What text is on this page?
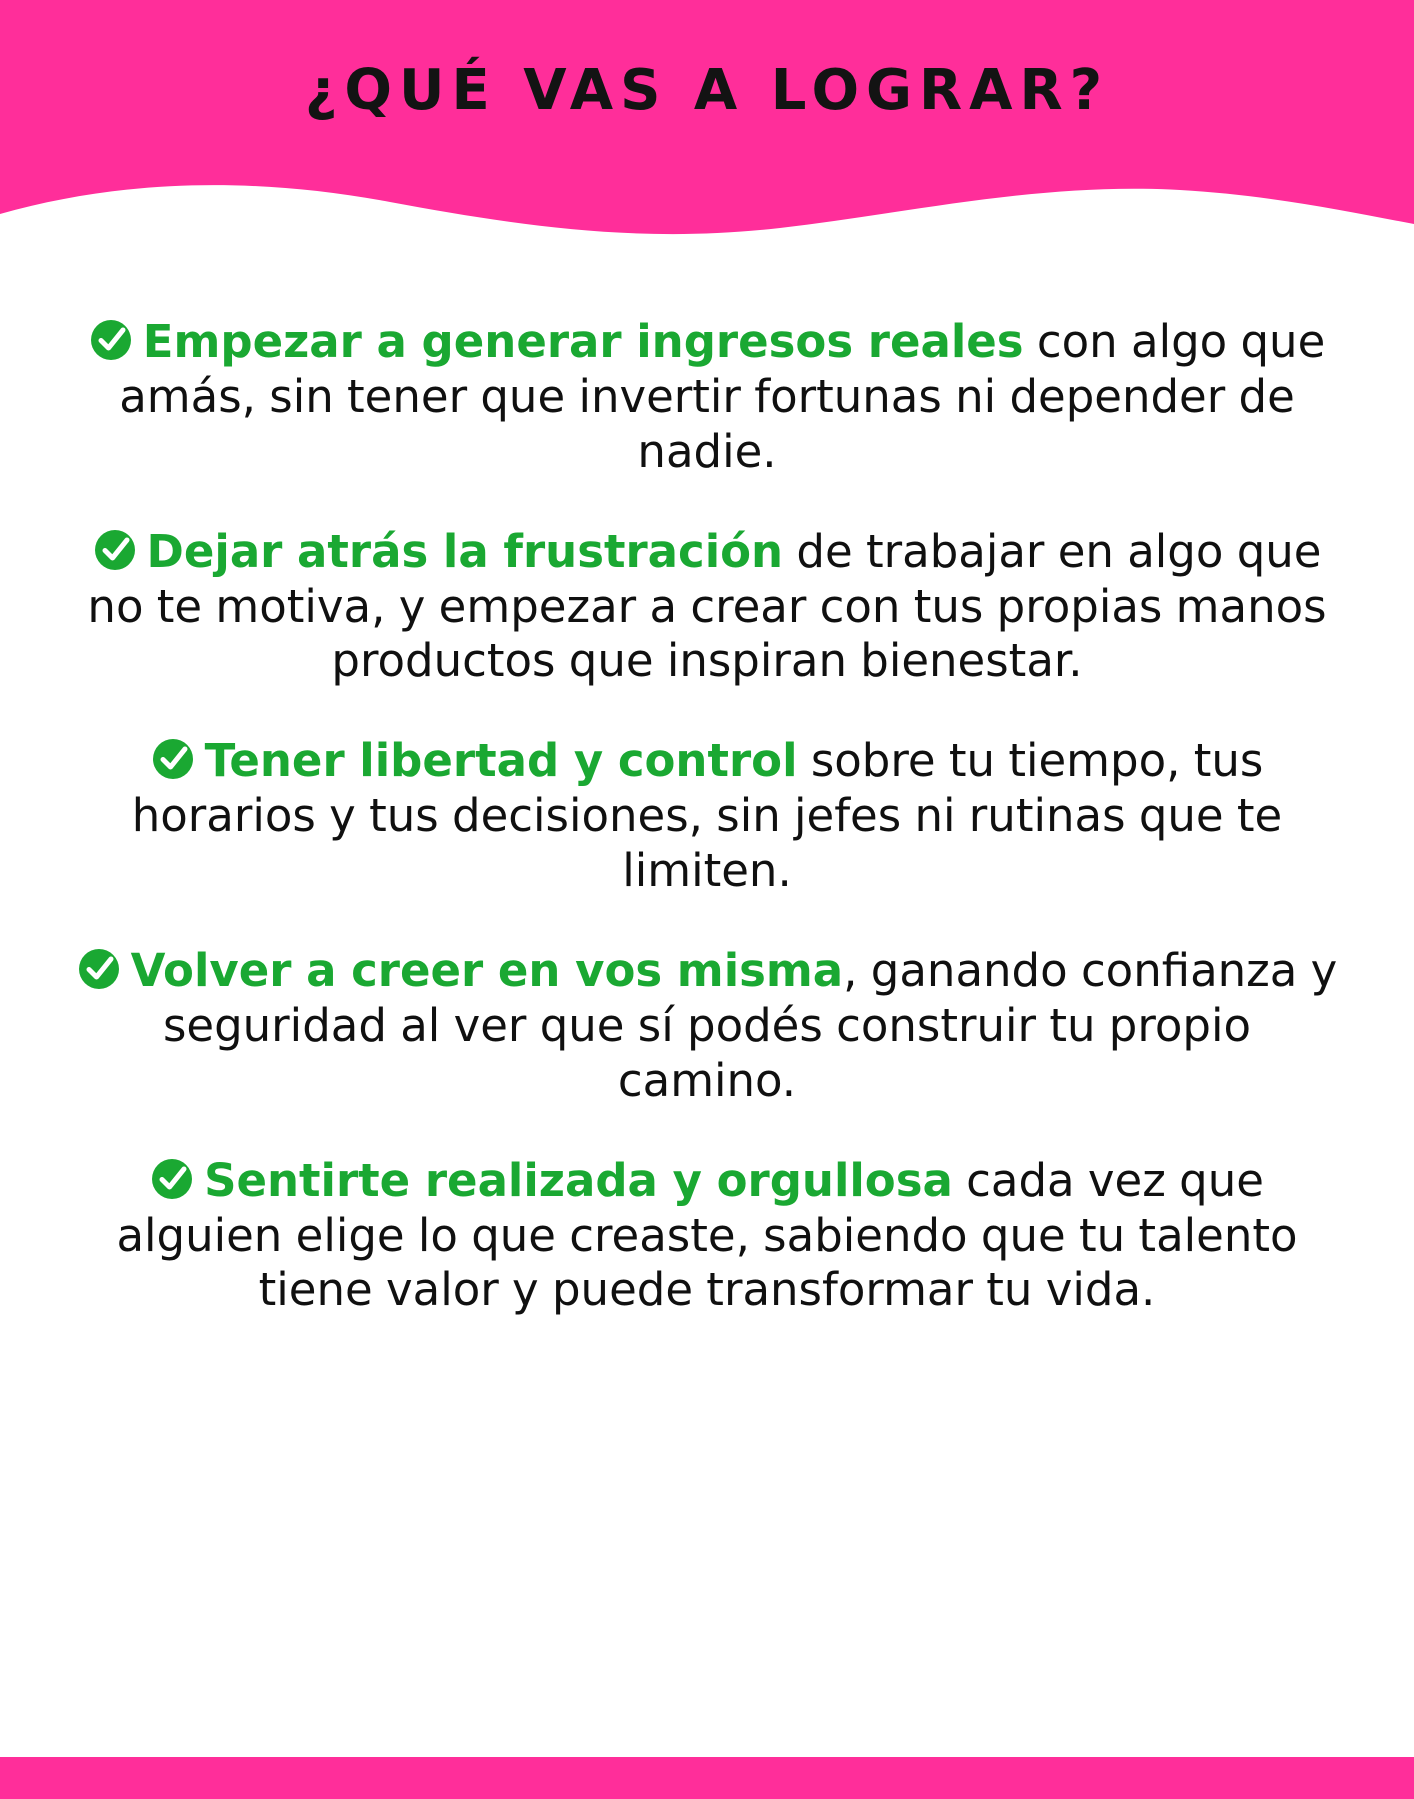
¿QUÉ VAS A LOGRAR?

Empezar a generar ingresos reales con algo que amás, sin tener que invertir fortunas ni depender de nadie.

Dejar atrás la frustración de trabajar en algo que no te motiva, y empezar a crear con tus propias manos productos que inspiran bienestar.

Tener libertad y control sobre tu tiempo, tus horarios y tus decisiones, sin jefes ni rutinas que te limiten.

Volver a creer en vos misma, ganando confianza y seguridad al ver que sí podés construir tu propio camino.

Sentirte realizada y orgullosa cada vez que alguien elige lo que creaste, sabiendo que tu talento tiene valor y puede transformar tu vida.
